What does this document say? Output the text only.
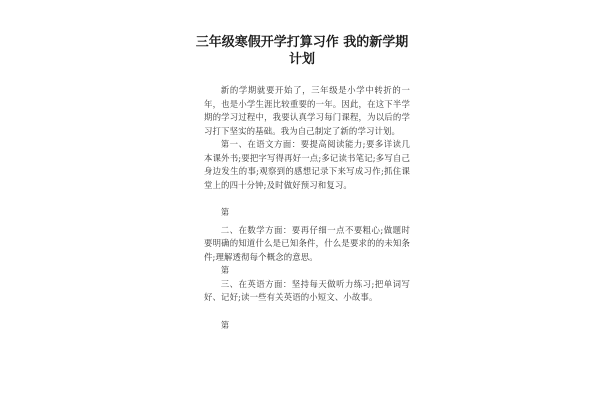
三年级寒假开学打算习作 我的新学期
计划

新的学期就要开始了，三年级是小学中转折的一年，也是小学生涯比较重要的一年。因此，在这下半学期的学习过程中，我要认真学习每门课程，为以后的学习打下坚实的基础。我为自己制定了新的学习计划。

第一、在语文方面：要提高阅读能力;要多详读几本课外书;要把字写得再好一点;多记读书笔记;多写自己身边发生的事;观察到的感想记录下来写成习作;抓住课堂上的四十分钟;及时做好预习和复习。

第

二、在数学方面：要再仔细一点不要粗心;做题时要明确的知道什么是已知条件，什么是要求的的未知条件;理解透彻每个概念的意思。

第

三、在英语方面：坚持每天做听力练习;把单词写好、记好;读一些有关英语的小短文、小故事。

第
